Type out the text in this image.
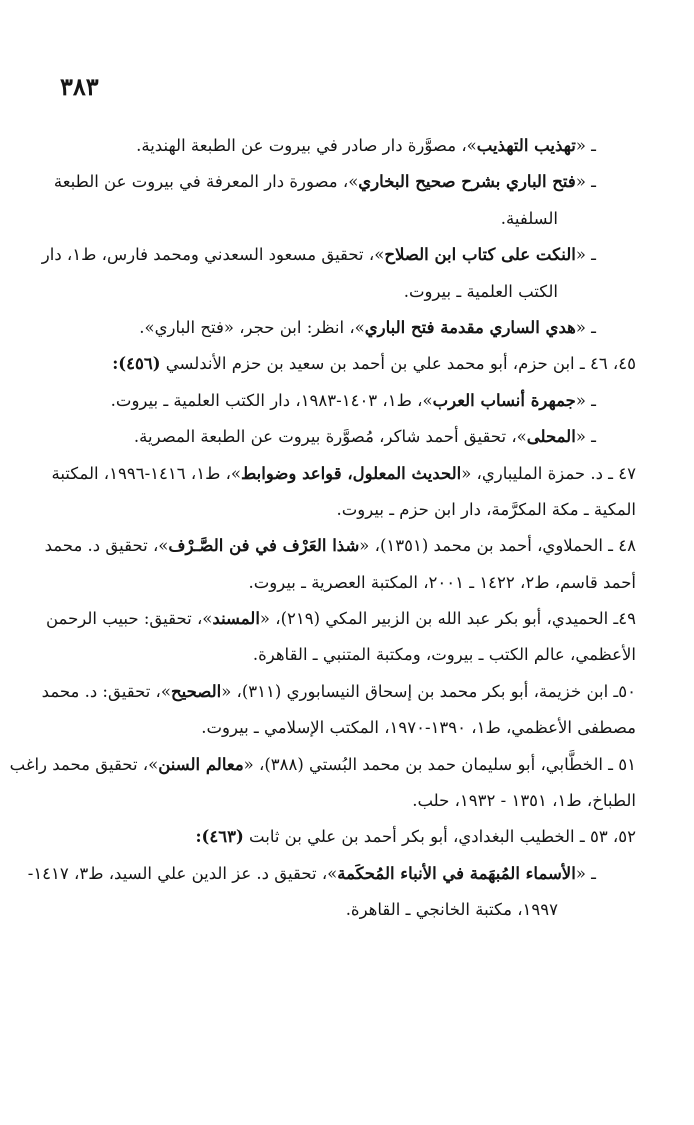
٣٨٣
ـ «تهذيب التهذيب»، مصوَّرة دار صادر في بيروت عن الطبعة الهندية.
ـ «فتح الباري بشرح صحيح البخاري»، مصورة دار المعرفة في بيروت عن الطبعة
السلفية.
ـ «النكت على كتاب ابن الصلاح»، تحقيق مسعود السعدني ومحمد فارس، ط١، دار
الكتب العلمية ـ بيروت.
ـ «هدي الساري مقدمة فتح الباري»، انظر: ابن حجر، «فتح الباري».
٤٥، ٤٦ ـ ابن حزم، أبو محمد علي بن أحمد بن سعيد بن حزم الأندلسي (٤٥٦):
ـ «جمهرة أنساب العرب»، ط١، ١٤٠٣-١٩٨٣، دار الكتب العلمية ـ بيروت.
ـ «المحلى»، تحقيق أحمد شاكر، مُصوَّرة بيروت عن الطبعة المصرية.
٤٧ ـ د. حمزة المليباري، «الحديث المعلول، قواعد وضوابط»، ط١، ١٤١٦-١٩٩٦، المكتبة
المكية ـ مكة المكرَّمة، دار ابن حزم ـ بيروت.
٤٨ ـ الحملاوي، أحمد بن محمد (١٣٥١)، «شذا العَرْف في فن الصَّـرْف»، تحقيق د. محمد
أحمد قاسم، ط٢، ١٤٢٢ ـ ٢٠٠١، المكتبة العصرية ـ بيروت.
٤٩ـ الحميدي، أبو بكر عبد الله بن الزبير المكي (٢١٩)، «المسند»، تحقيق: حبيب الرحمن
الأعظمي، عالم الكتب ـ بيروت، ومكتبة المتنبي ـ القاهرة.
٥٠ـ ابن خزيمة، أبو بكر محمد بن إسحاق النيسابوري (٣١١)، «الصحيح»، تحقيق: د. محمد
مصطفى الأعظمي، ط١، ١٣٩٠-١٩٧٠، المكتب الإسلامي ـ بيروت.
٥١ ـ الخطَّابي، أبو سليمان حمد بن محمد البُستي (٣٨٨)، «معالم السنن»، تحقيق محمد راغب
الطباخ، ط١، ١٣٥١ - ١٩٣٢، حلب.
٥٢، ٥٣ ـ الخطيب البغدادي، أبو بكر أحمد بن علي بن ثابت (٤٦٣):
ـ «الأسماء المُبهَمة في الأنباء المُحكَمة»، تحقيق د. عز الدين علي السيد، ط٣، ١٤١٧-
١٩٩٧، مكتبة الخانجي ـ القاهرة.
